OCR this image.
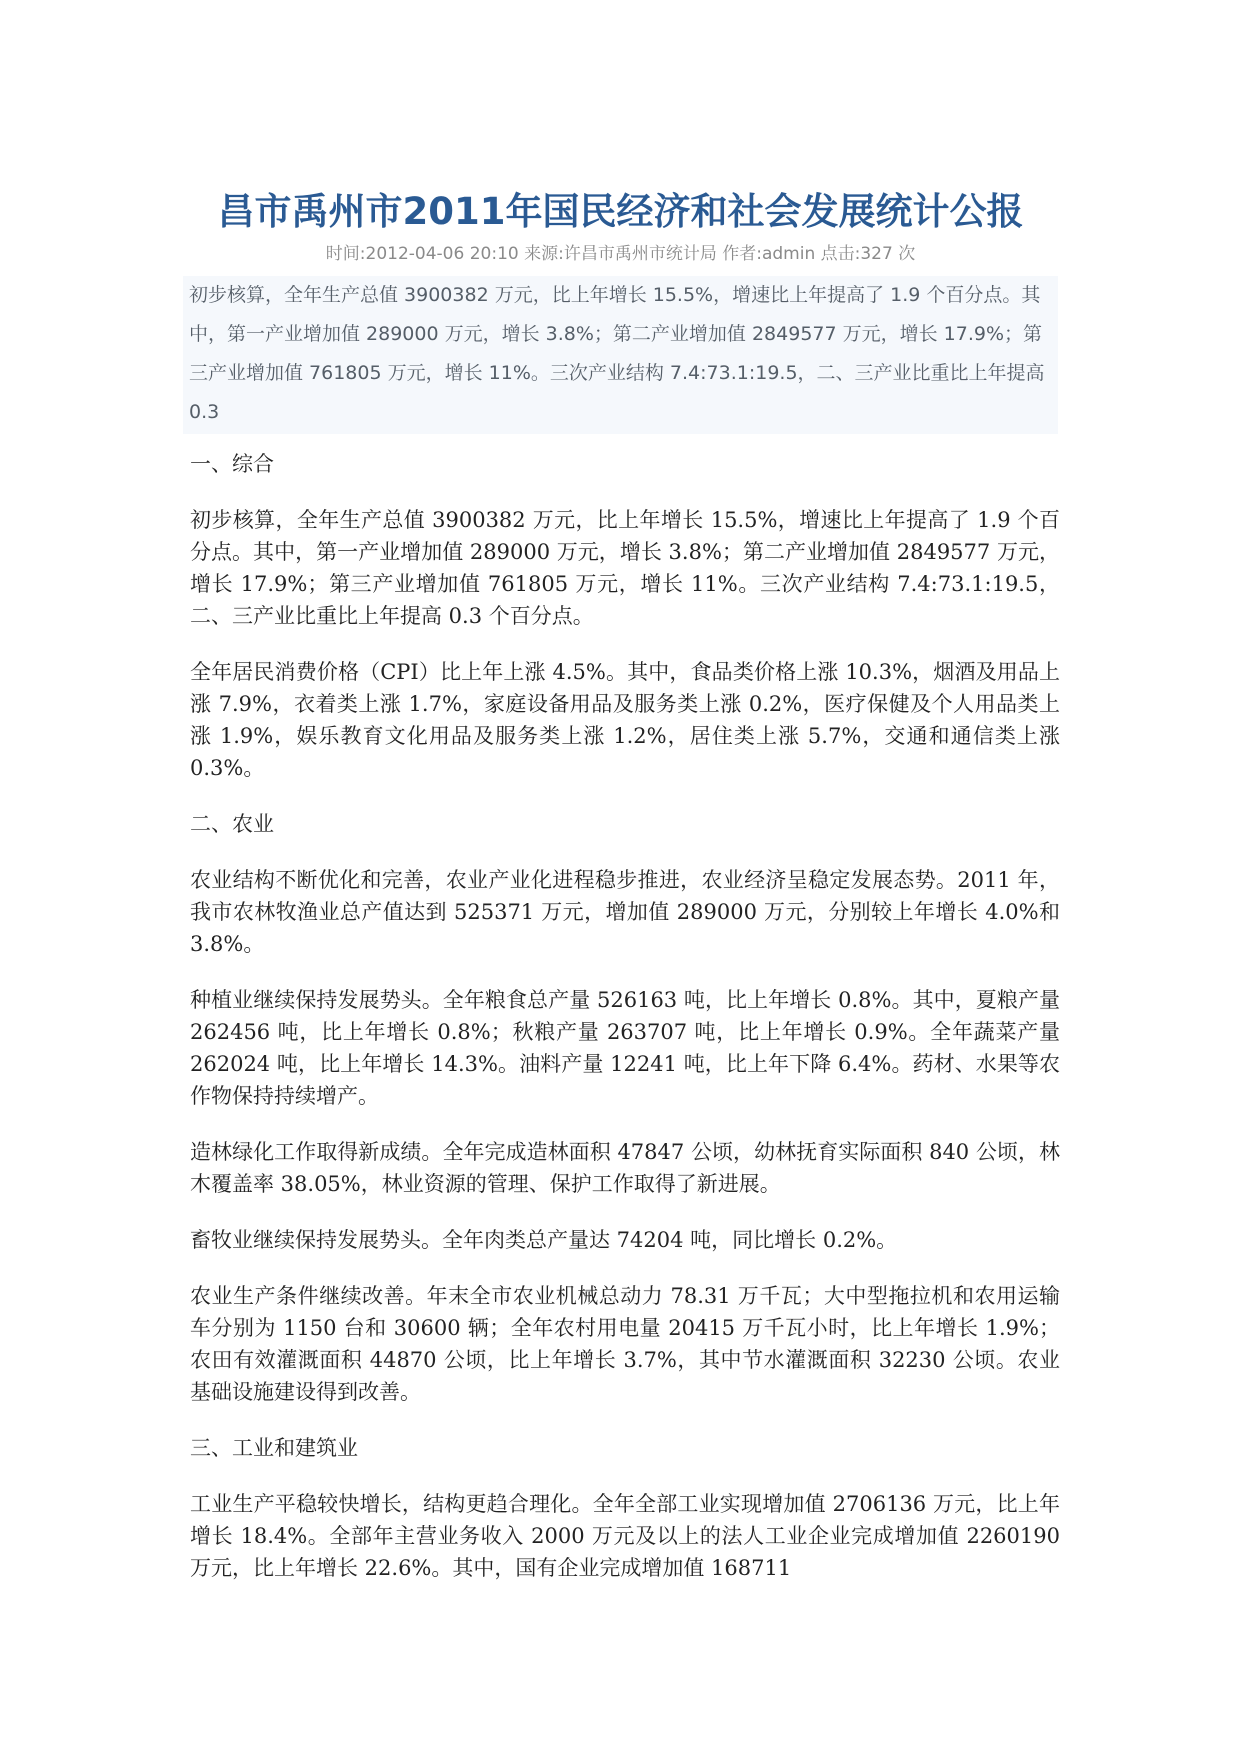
昌市禹州市2011年国民经济和社会发展统计公报
时间:2012-04-06 20:10 来源:许昌市禹州市统计局 作者:admin 点击:327 次
初步核算，全年生产总值 3900382 万元，比上年增长 15.5%，增速比上年提高了 1.9 个百分点。其中，第一产业增加值 289000 万元，增长 3.8%；第二产业增加值 2849577 万元，增长 17.9%；第三产业增加值 761805 万元，增长 11%。三次产业结构 7.4:73.1:19.5，二、三产业比重比上年提高 0.3
一、综合

初步核算，全年生产总值 3900382 万元，比上年增长 15.5%，增速比上年提高了 1.9 个百分点。其中，第一产业增加值 289000 万元，增长 3.8%；第二产业增加值 2849577 万元，增长 17.9%；第三产业增加值 761805 万元，增长 11%。三次产业结构 7.4:73.1:19.5，二、三产业比重比上年提高 0.3 个百分点。

全年居民消费价格（CPI）比上年上涨 4.5%。其中，食品类价格上涨 10.3%，烟酒及用品上涨 7.9%，衣着类上涨 1.7%，家庭设备用品及服务类上涨 0.2%，医疗保健及个人用品类上涨 1.9%，娱乐教育文化用品及服务类上涨 1.2%，居住类上涨 5.7%，交通和通信类上涨 0.3%。

二、农业

农业结构不断优化和完善，农业产业化进程稳步推进，农业经济呈稳定发展态势。2011 年，我市农林牧渔业总产值达到 525371 万元，增加值 289000 万元，分别较上年增长 4.0%和 3.8%。

种植业继续保持发展势头。全年粮食总产量 526163 吨，比上年增长 0.8%。其中，夏粮产量 262456 吨，比上年增长 0.8%；秋粮产量 263707 吨，比上年增长 0.9%。全年蔬菜产量 262024 吨，比上年增长 14.3%。油料产量 12241 吨，比上年下降 6.4%。药材、水果等农作物保持持续增产。

造林绿化工作取得新成绩。全年完成造林面积 47847 公顷，幼林抚育实际面积 840 公顷，林木覆盖率 38.05%，林业资源的管理、保护工作取得了新进展。

畜牧业继续保持发展势头。全年肉类总产量达 74204 吨，同比增长 0.2%。

农业生产条件继续改善。年末全市农业机械总动力 78.31 万千瓦；大中型拖拉机和农用运输车分别为 1150 台和 30600 辆；全年农村用电量 20415 万千瓦小时，比上年增长 1.9%；农田有效灌溉面积 44870 公顷，比上年增长 3.7%，其中节水灌溉面积 32230 公顷。农业基础设施建设得到改善。

三、工业和建筑业

工业生产平稳较快增长，结构更趋合理化。全年全部工业实现增加值 2706136 万元，比上年增长 18.4%。全部年主营业务收入 2000 万元及以上的法人工业企业完成增加值 2260190 万元，比上年增长 22.6%。其中，国有企业完成增加值 168711
